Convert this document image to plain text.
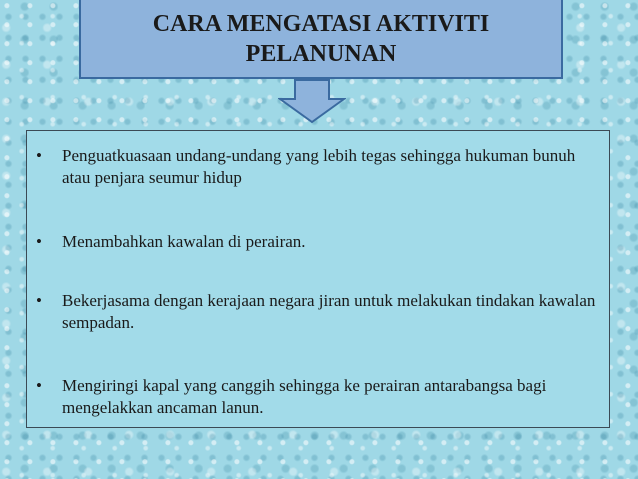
CARA MENGATASI AKTIVITI
PELANUNAN
•	Penguatkuasaan undang-undang yang lebih tegas sehingga hukuman bunuh atau penjara seumur hidup
•	Menambahkan kawalan di perairan.
•	Bekerjasama dengan kerajaan negara jiran untuk melakukan tindakan kawalan sempadan.
•	Mengiringi kapal yang canggih sehingga ke perairan antarabangsa bagi mengelakkan ancaman lanun.
